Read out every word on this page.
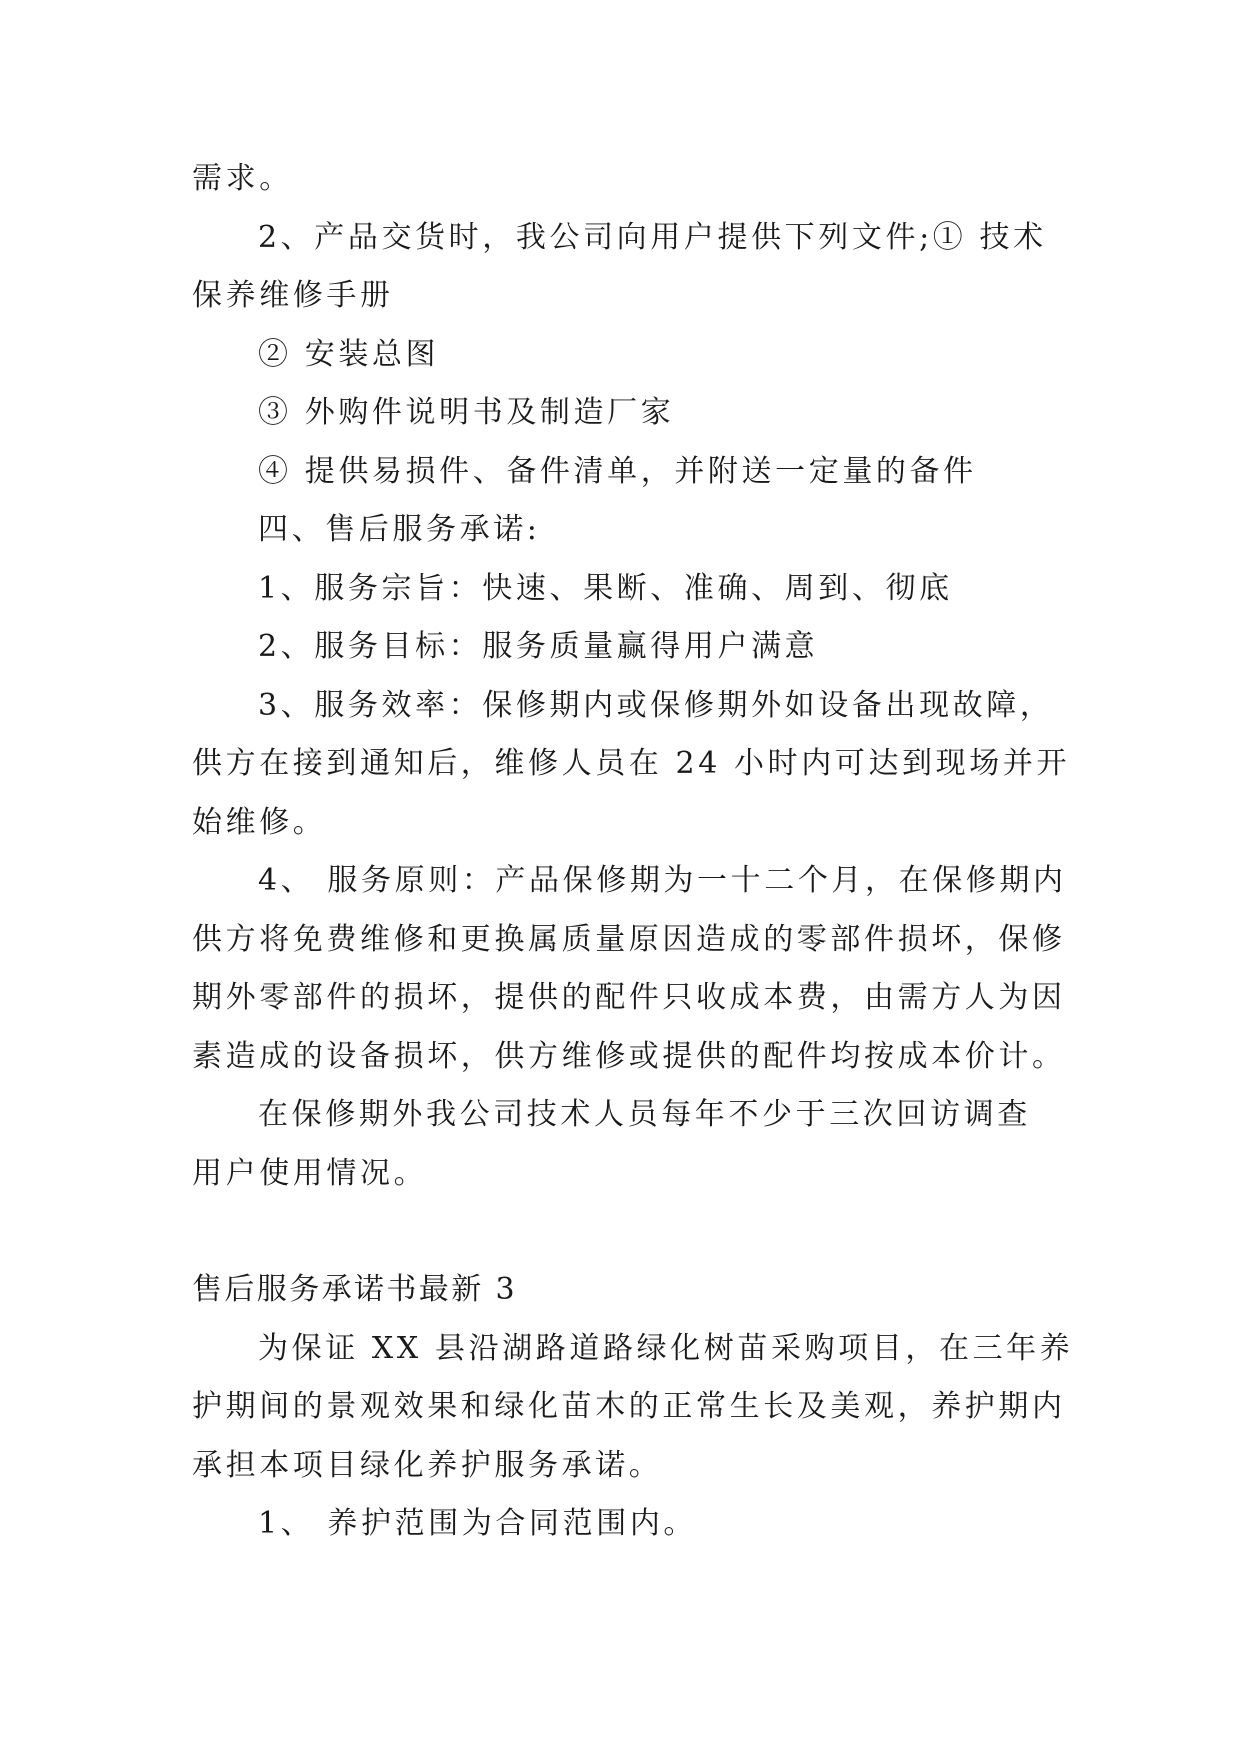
需求。
2、产品交货时，我公司向用户提供下列文件;① 技术
保养维修手册
② 安装总图
③ 外购件说明书及制造厂家
④ 提供易损件、备件清单，并附送一定量的备件
四、售后服务承诺:
1、服务宗旨：快速、果断、准确、周到、彻底
2、服务目标：服务质量赢得用户满意
3、服务效率：保修期内或保修期外如设备出现故障，
供方在接到通知后，维修人员在 24 小时内可达到现场并开
始维修。
4、 服务原则：产品保修期为一十二个月，在保修期内
供方将免费维修和更换属质量原因造成的零部件损坏，保修
期外零部件的损坏，提供的配件只收成本费，由需方人为因
素造成的设备损坏，供方维修或提供的配件均按成本价计。
在保修期外我公司技术人员每年不少于三次回访调查
用户使用情况。
售后服务承诺书最新 3
为保证 XX 县沿湖路道路绿化树苗采购项目，在三年养
护期间的景观效果和绿化苗木的正常生长及美观，养护期内
承担本项目绿化养护服务承诺。
1、 养护范围为合同范围内。
